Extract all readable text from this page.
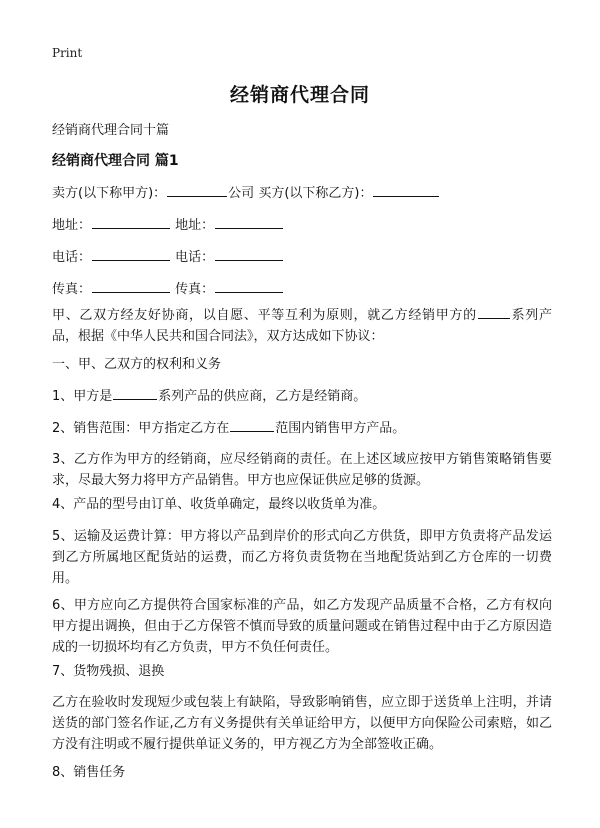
Print
经销商代理合同
经销商代理合同十篇
经销商代理合同 篇1
卖方(以下称甲方)：	公司 买方(以下称乙方)：
地址：	地址：
电话：	电话：
传真：	传真：
甲、乙双方经友好协商，以自愿、平等互利为原则，就乙方经销甲方的	系列产品，根据《中华人民共和国合同法》，双方达成如下协议：
一、甲、乙双方的权利和义务
1、甲方是	系列产品的供应商，乙方是经销商。
2、销售范围：甲方指定乙方在	范围内销售甲方产品。
3、乙方作为甲方的经销商，应尽经销商的责任。在上述区域应按甲方销售策略销售要求，尽最大努力将甲方产品销售。甲方也应保证供应足够的货源。
4、产品的型号由订单、收货单确定，最终以收货单为准。
5、运输及运费计算：甲方将以产品到岸价的形式向乙方供货，即甲方负责将产品发运到乙方所属地区配货站的运费，而乙方将负责货物在当地配货站到乙方仓库的一切费用。
6、甲方应向乙方提供符合国家标准的产品，如乙方发现产品质量不合格，乙方有权向甲方提出调换，但由于乙方保管不慎而导致的质量问题或在销售过程中由于乙方原因造成的一切损坏均有乙方负责，甲方不负任何责任。
7、货物残损、退换
乙方在验收时发现短少或包装上有缺陷，导致影响销售，应立即于送货单上注明，并请送货的部门签名作证,乙方有义务提供有关单证给甲方，以便甲方向保险公司索赔，如乙方没有注明或不履行提供单证义务的，甲方视乙方为全部签收正确。
8、销售任务
